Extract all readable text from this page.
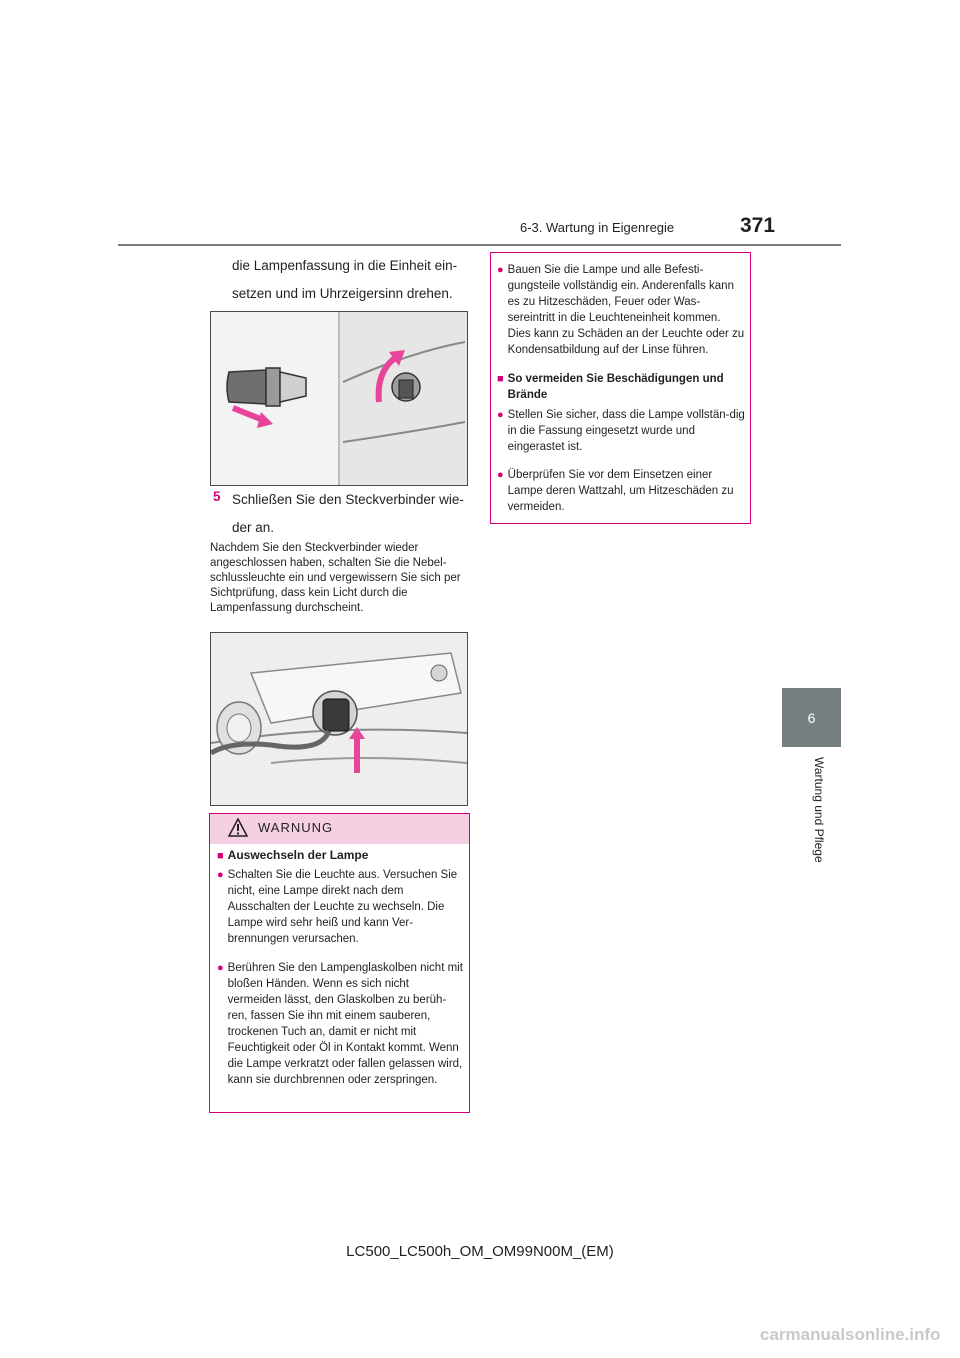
6-3. Wartung in Eigenregie	371
6
Wartung und Pflege
die Lampenfassung in die Einheit ein-setzen und im Uhrzeigersinn drehen.
5 Schließen Sie den Steckverbinder wie-der an.
Nachdem Sie den Steckverbinder wieder angeschlossen haben, schalten Sie die Nebel-schlussleuchte ein und vergewissern Sie sich per Sichtprüfung, dass kein Licht durch die Lampenfassung durchscheint.
WARNUNG
■ Auswechseln der Lampe
● Schalten Sie die Leuchte aus. Versuchen Sie nicht, eine Lampe direkt nach dem Ausschalten der Leuchte zu wechseln. Die Lampe wird sehr heiß und kann Ver-brennungen verursachen.
● Berühren Sie den Lampenglaskolben nicht mit bloßen Händen. Wenn es sich nicht vermeiden lässt, den Glaskolben zu berüh-ren, fassen Sie ihn mit einem sauberen, trockenen Tuch an, damit er nicht mit Feuchtigkeit oder Öl in Kontakt kommt. Wenn die Lampe verkratzt oder fallen gelassen wird, kann sie durchbrennen oder zerspringen.
● Bauen Sie die Lampe und alle Befesti-gungsteile vollständig ein. Anderenfalls kann es zu Hitzeschäden, Feuer oder Was-sereintritt in die Leuchteneinheit kommen. Dies kann zu Schäden an der Leuchte oder zu Kondensatbildung auf der Linse führen.
■ So vermeiden Sie Beschädigungen und Brände
● Stellen Sie sicher, dass die Lampe vollstän-dig in die Fassung eingesetzt wurde und eingerastet ist.
● Überprüfen Sie vor dem Einsetzen einer Lampe deren Wattzahl, um Hitzeschäden zu vermeiden.
LC500_LC500h_OM_OM99N00M_(EM)
carmanualsonline.info
